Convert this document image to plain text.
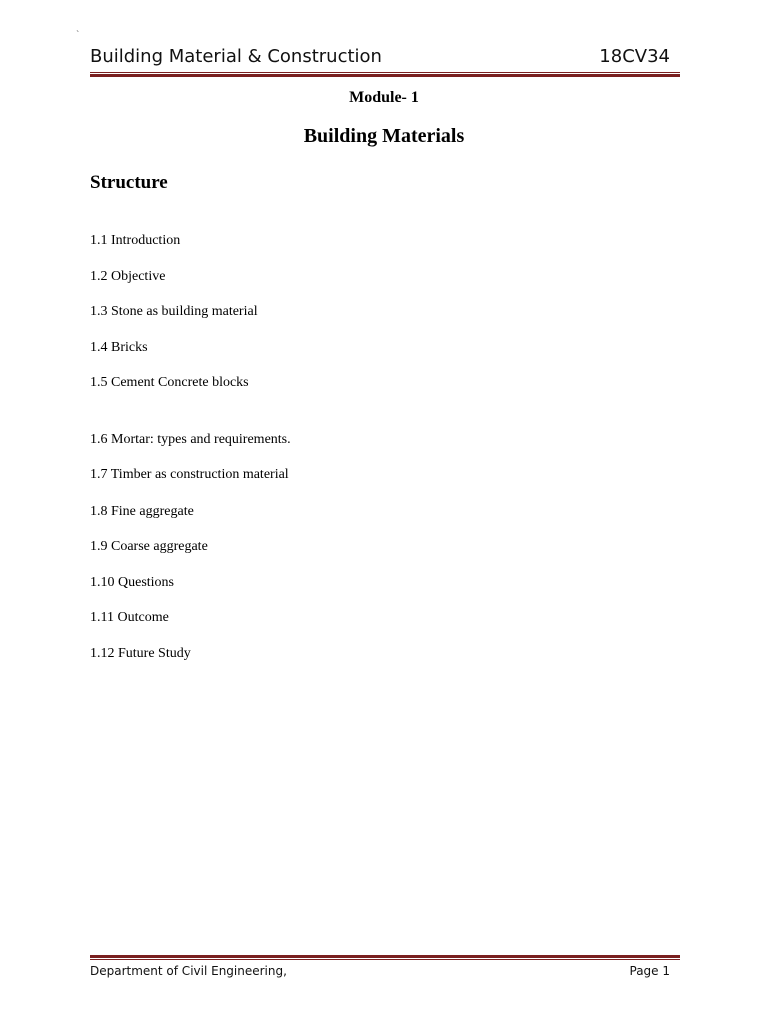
`
Building Material & Construction	18CV34
Module- 1
Building Materials
Structure
1.1 Introduction
1.2 Objective
1.3 Stone as building material
1.4 Bricks
1.5 Cement Concrete blocks
1.6 Mortar: types and requirements.
1.7 Timber as construction material
1.8 Fine aggregate
1.9 Coarse aggregate
1.10 Questions
1.11 Outcome
1.12 Future Study
Department of Civil Engineering,	Page 1
